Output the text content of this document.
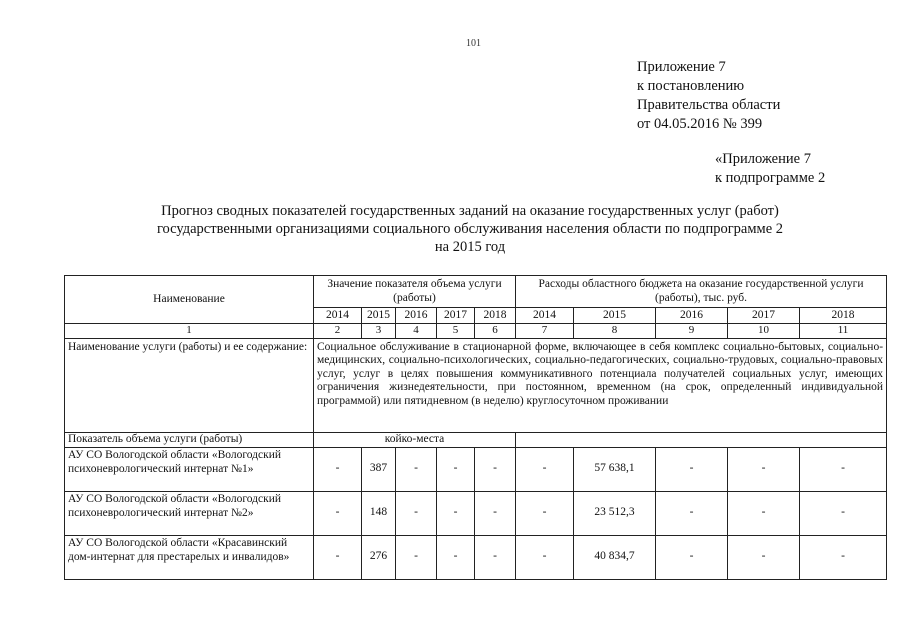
101
Приложение 7
к постановлению
Правительства области
от 04.05.2016 № 399
«Приложение 7
к подпрограмме 2
Прогноз сводных показателей государственных заданий на оказание государственных услуг (работ)
государственными организациями социального обслуживания населения области по подпрограмме 2
на 2015 год
Наименование	Значение показателя объема услуги (работы)					Расходы областного бюджета на оказание государственной услуги (работы), тыс. руб.				
	2014	2015	2016	2017	2018	2014	2015	2016	2017	2018
1	2	3	4	5	6	7	8	9	10	11
Наименование услуги (работы) и ее содержание:	Социальное обслуживание в стационарной форме, включающее в себя комплекс социально-бытовых, социально-медицинских, социально-психологических, социально-педагогических, социально-трудовых, социально-правовых услуг, услуг в целях повышения коммуникативного потенциала получателей социальных услуг, имеющих ограничения жизнедеятельности, при постоянном, временном (на срок, определенный индивидуальной программой) или пятидневном (в неделю) круглосуточном проживании									
Показатель объема услуги (работы)	койко-места									
АУ СО Вологодской области «Вологодский психоневрологический интернат №1»	-	387	-	-	-	-	57 638,1	-	-	-
АУ СО Вологодской области «Вологодский психоневрологический интернат №2»	-	148	-	-	-	-	23 512,3	-	-	-
АУ СО Вологодской области «Красавинский дом-интернат для престарелых и инвалидов»	-	276	-	-	-	-	40 834,7	-	-	-
